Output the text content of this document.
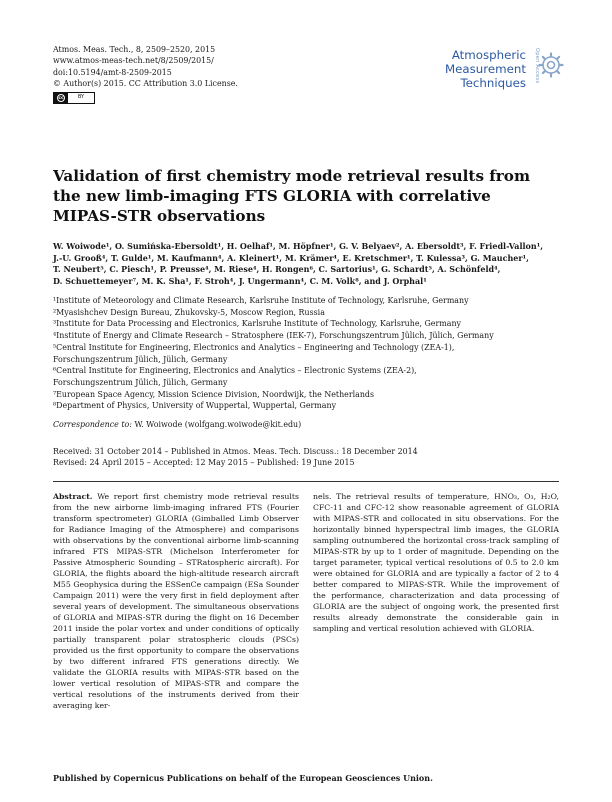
Atmos. Meas. Tech., 8, 2509–2520, 2015
www.atmos-meas-tech.net/8/2509/2015/
doi:10.5194/amt-8-2509-2015
© Author(s) 2015. CC Attribution 3.0 License.
cc	BY
Atmospheric
Measurement
Techniques Open Access
Validation of first chemistry mode retrieval results from the new limb-imaging FTS GLORIA with correlative MIPAS-STR observations
W. Woiwode¹, O. Sumińska-Ebersoldt¹, H. Oelhaf¹, M. Höpfner¹, G. V. Belyaev², A. Ebersoldt³, F. Friedl-Vallon¹,
J.-U. Grooß⁴, T. Gulde¹, M. Kaufmann⁴, A. Kleinert¹, M. Krämer⁴, E. Kretschmer¹, T. Kulessa³, G. Maucher¹,
T. Neubert⁵, C. Piesch¹, P. Preusse⁴, M. Riese⁴, H. Rongen⁶, C. Sartorius¹, G. Schardt⁵, A. Schönfeld⁴,
D. Schuettemeyer⁷, M. K. Sha¹, F. Stroh⁴, J. Ungermann⁴, C. M. Volk⁸, and J. Orphal¹
¹Institute of Meteorology and Climate Research, Karlsruhe Institute of Technology, Karlsruhe, Germany
²Myasishchev Design Bureau, Zhukovsky-5, Moscow Region, Russia
³Institute for Data Processing and Electronics, Karlsruhe Institute of Technology, Karlsruhe, Germany
⁴Institute of Energy and Climate Research – Stratosphere (IEK-7), Forschungszentrum Jülich, Jülich, Germany
⁵Central Institute for Engineering, Electronics and Analytics – Engineering and Technology (ZEA-1),
Forschungszentrum Jülich, Jülich, Germany
⁶Central Institute for Engineering, Electronics and Analytics – Electronic Systems (ZEA-2),
Forschungszentrum Jülich, Jülich, Germany
⁷European Space Agency, Mission Science Division, Noordwijk, the Netherlands
⁸Department of Physics, University of Wuppertal, Wuppertal, Germany
Correspondence to: W. Woiwode (wolfgang.woiwode@kit.edu)
Received: 31 October 2014 – Published in Atmos. Meas. Tech. Discuss.: 18 December 2014
Revised: 24 April 2015 – Accepted: 12 May 2015 – Published: 19 June 2015
Abstract. We report first chemistry mode retrieval results from the new airborne limb-imaging infrared FTS (Fourier transform spectrometer) GLORIA (Gimballed Limb Observer for Radiance Imaging of the Atmosphere) and comparisons with observations by the conventional airborne limb-scanning infrared FTS MIPAS-STR (Michelson Interferometer for Passive Atmospheric Sounding – STRatospheric aircraft). For GLORIA, the flights aboard the high-altitude research aircraft M55 Geophysica during the ESSenCe campaign (ESa Sounder Campaign 2011) were the very first in field deployment after several years of development. The simultaneous observations of GLORIA and MIPAS-STR during the flight on 16 December 2011 inside the polar vortex and under conditions of optically partially transparent polar stratospheric clouds (PSCs) provided us the first opportunity to compare the observations by two different infrared FTS generations directly. We validate the GLORIA results with MIPAS-STR based on the lower vertical resolution of MIPAS-STR and compare the vertical resolutions of the instruments derived from their averaging ker-
nels. The retrieval results of temperature, HNO₃, O₃, H₂O, CFC-11 and CFC-12 show reasonable agreement of GLORIA with MIPAS-STR and collocated in situ observations. For the horizontally binned hyperspectral limb images, the GLORIA sampling outnumbered the horizontal cross-track sampling of MIPAS-STR by up to 1 order of magnitude. Depending on the target parameter, typical vertical resolutions of 0.5 to 2.0 km were obtained for GLORIA and are typically a factor of 2 to 4 better compared to MIPAS-STR. While the improvement of the performance, characterization and data processing of GLORIA are the subject of ongoing work, the presented first results already demonstrate the considerable gain in sampling and vertical resolution achieved with GLORIA.
Published by Copernicus Publications on behalf of the European Geosciences Union.
